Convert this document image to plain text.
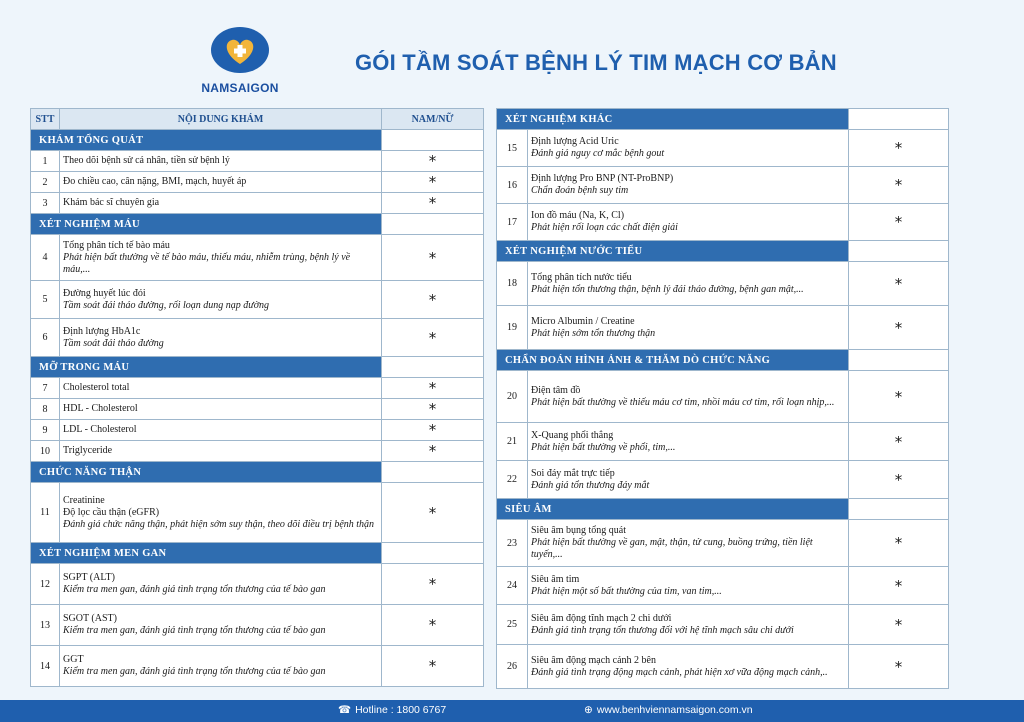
NAMSAIGON
GÓI TẦM SOÁT BỆNH LÝ TIM MẠCH CƠ BẢN
STT	NỘI DUNG KHÁM	NAM/NỮ
KHÁM TỔNG QUÁT		
1	Theo dõi bệnh sử cá nhân, tiền sử bệnh lý	*
2	Đo chiều cao, cân nặng, BMI, mạch, huyết áp	*
3	Khám bác sĩ chuyên gia	*
XÉT NGHIỆM MÁU		
4	Tổng phân tích tế bào máu
Phát hiện bất thường về tế bào máu, thiếu máu, nhiễm trùng, bệnh lý về máu,...	*
5	Đường huyết lúc đói
Tầm soát đái tháo đường, rối loạn dung nạp đường	*
6	Định lượng HbA1c
Tầm soát đái tháo đường	*
MỠ TRONG MÁU		
7	Cholesterol total	*
8	HDL - Cholesterol	*
9	LDL - Cholesterol	*
10	Triglyceride	*
CHỨC NĂNG THẬN		
11	Creatinine
Độ lọc cầu thận (eGFR)
Đánh giá chức năng thận, phát hiện sớm suy thận, theo dõi điều trị bệnh thận	*
XÉT NGHIỆM MEN GAN		
12	SGPT (ALT)
Kiểm tra men gan, đánh giá tình trạng tổn thương của tế bào gan	*
13	SGOT (AST)
Kiểm tra men gan, đánh giá tình trạng tổn thương của tế bào gan	*
14	GGT
Kiểm tra men gan, đánh giá tình trạng tổn thương của tế bào gan	*
XÉT NGHIỆM KHÁC		
15	Định lượng Acid Uric
Đánh giá nguy cơ mắc bệnh gout	*
16	Định lượng Pro BNP (NT-ProBNP)
Chẩn đoán bệnh suy tim	*
17	Ion đồ máu (Na, K, Cl)
Phát hiện rối loạn các chất điện giải	*
XÉT NGHIỆM NƯỚC TIỂU		
18	Tổng phân tích nước tiểu
Phát hiện tổn thương thận, bệnh lý đái tháo đường, bệnh gan mật,...	*
19	Micro Albumin / Creatine
Phát hiện sớm tổn thương thận	*
CHẨN ĐOÁN HÌNH ẢNH & THĂM DÒ CHỨC NĂNG		
20	Điện tâm đồ
Phát hiện bất thường về thiếu máu cơ tim, nhồi máu cơ tim, rối loạn nhịp,...	*
21	X-Quang phổi thẳng
Phát hiện bất thường về phổi, tim,...	*
22	Soi đáy mắt trực tiếp
Đánh giá tổn thương đáy mắt	*
SIÊU ÂM		
23	Siêu âm bụng tổng quát
Phát hiện bất thường về gan, mật, thận, tử cung, buồng trứng, tiền liệt tuyến,...	*
24	Siêu âm tim
Phát hiện một số bất thường của tim, van tim,...	*
25	Siêu âm động tĩnh mạch 2 chi dưới
Đánh giá tình trạng tổn thương đối với hệ tĩnh mạch sâu chi dưới	*
26	Siêu âm động mạch cảnh 2 bên
Đánh giá tình trạng động mạch cảnh, phát hiện xơ vữa động mạch cảnh,..	*
☎ Hotline : 1800 6767	⊕ www.benhviennamsaigon.com.vn
